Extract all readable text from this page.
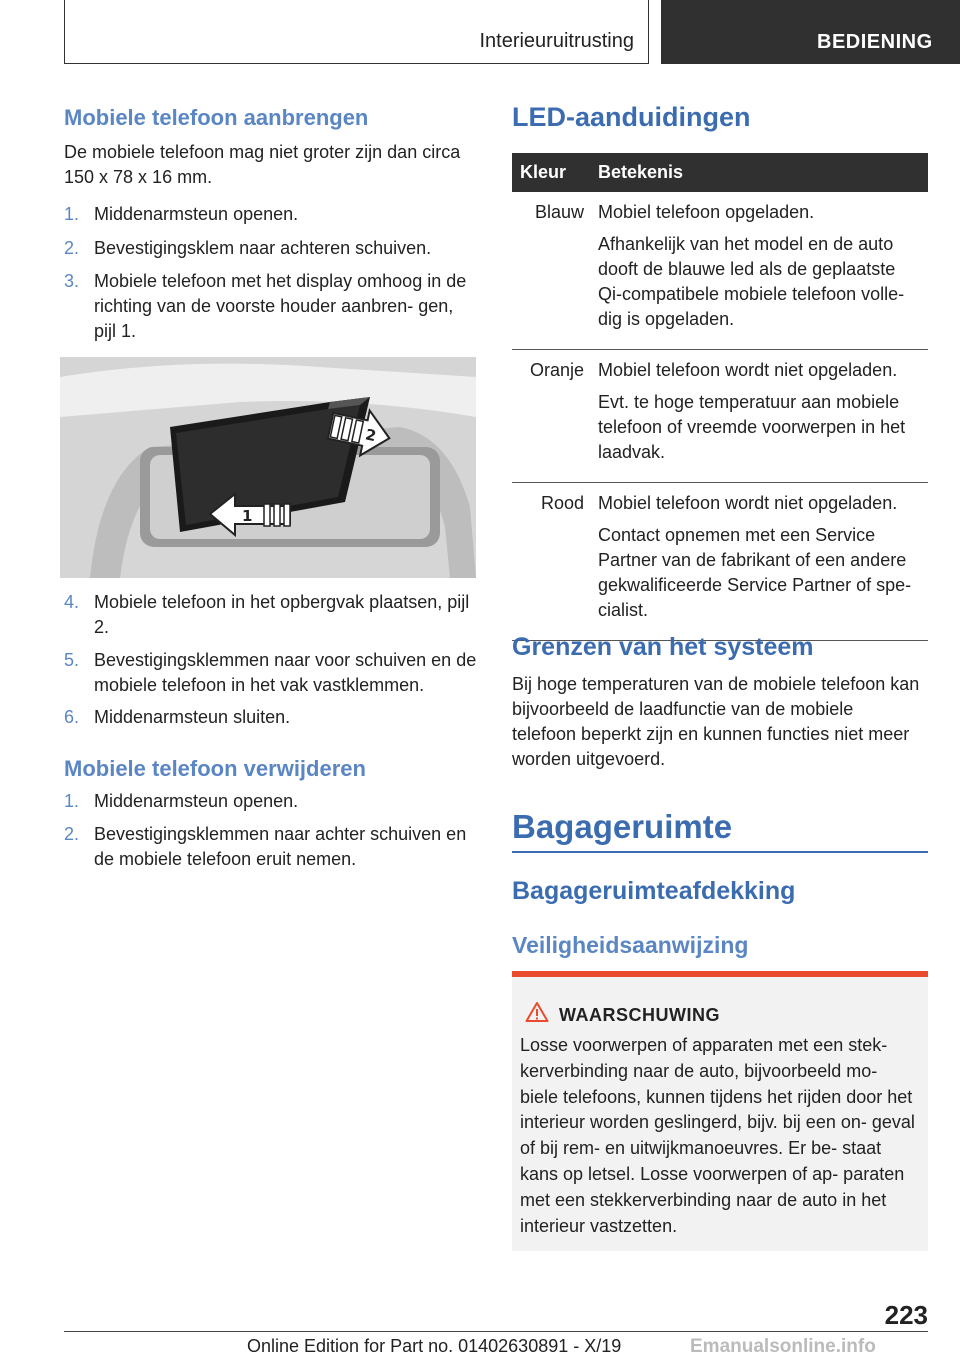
Interieuruitrusting	BEDIENING
Mobiele telefoon aanbrengen
De mobiele telefoon mag niet groter zijn dan circa 150 x 78 x 16 mm.
1. Middenarmsteun openen.
2. Bevestigingsklem naar achteren schuiven.
3. Mobiele telefoon met het display omhoog in de richting van de voorste houder aanbren‐ gen, pijl 1.
1
2
4. Mobiele telefoon in het opbergvak plaatsen, pijl 2.
5. Bevestigingsklemmen naar voor schuiven en de mobiele telefoon in het vak vastklemmen.
6. Middenarmsteun sluiten.
Mobiele telefoon verwijderen
1. Middenarmsteun openen.
2. Bevestigingsklemmen naar achter schuiven en de mobiele telefoon eruit nemen.
LED-aanduidingen
Kleur	Betekenis
Blauw	Mobiel telefoon opgeladen.

Afhankelijk van het model en de auto dooft de blauwe led als de geplaatste Qi-compatibele mobiele telefoon volle‐ dig is opgeladen.

Oranje	Mobiel telefoon wordt niet opgeladen.

Evt. te hoge temperatuur aan mobiele telefoon of vreemde voorwerpen in het laadvak.

Rood	Mobiel telefoon wordt niet opgeladen.

Contact opnemen met een Service Partner van de fabrikant of een andere gekwalificeerde Service Partner of spe‐ cialist.

Grenzen van het systeem
Bij hoge temperaturen van de mobiele telefoon kan bijvoorbeeld de laadfunctie van de mobiele telefoon beperkt zijn en kunnen functies niet meer worden uitgevoerd.
Bagageruimte
Bagageruimteafdekking
Veiligheidsaanwijzing
WAARSCHUWING
Losse voorwerpen of apparaten met een stek‐ kerverbinding naar de auto, bijvoorbeeld mo‐ biele telefoons, kunnen tijdens het rijden door het interieur worden geslingerd, bijv. bij een on‐ geval of bij rem- en uitwijkmanoeuvres. Er be‐ staat kans op letsel. Losse voorwerpen of ap‐ paraten met een stekkerverbinding naar de auto in het interieur vastzetten.
223
Online Edition for Part no. 01402630891 - X/19	Emanualsonline.info
